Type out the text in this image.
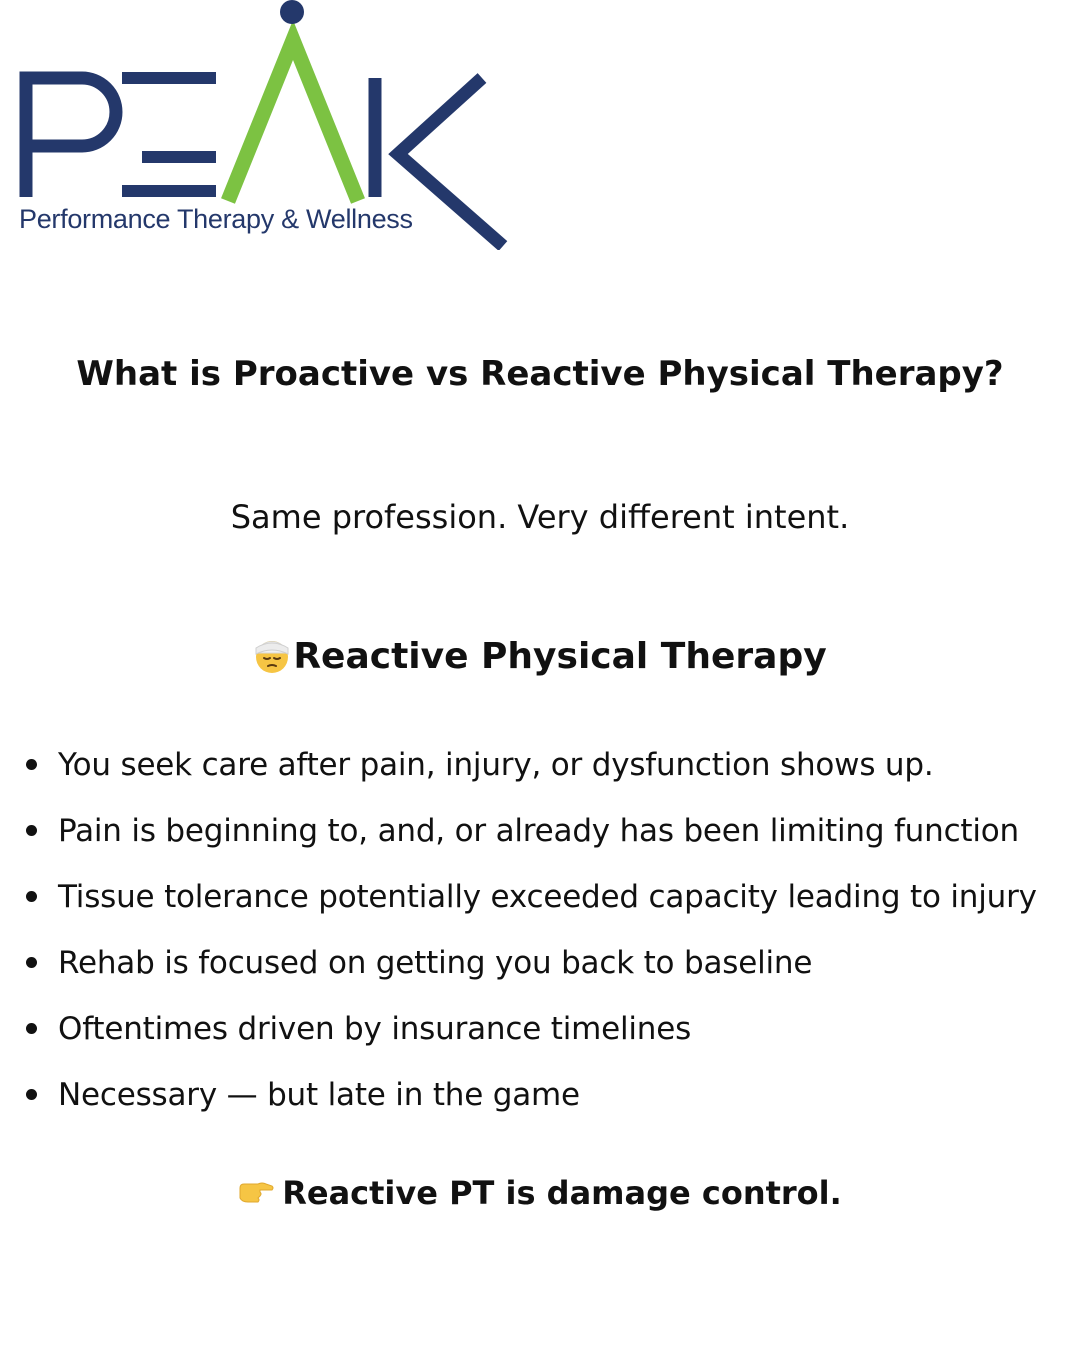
Performance Therapy & Wellness
What is Proactive vs Reactive Physical Therapy?
Same profession. Very different intent.
Reactive Physical Therapy
You seek care after pain, injury, or dysfunction shows up.
Pain is beginning to, and, or already has been limiting function
Tissue tolerance potentially exceeded capacity leading to injury
Rehab is focused on getting you back to baseline
Oftentimes driven by insurance timelines
Necessary — but late in the game
Reactive PT is damage control.
